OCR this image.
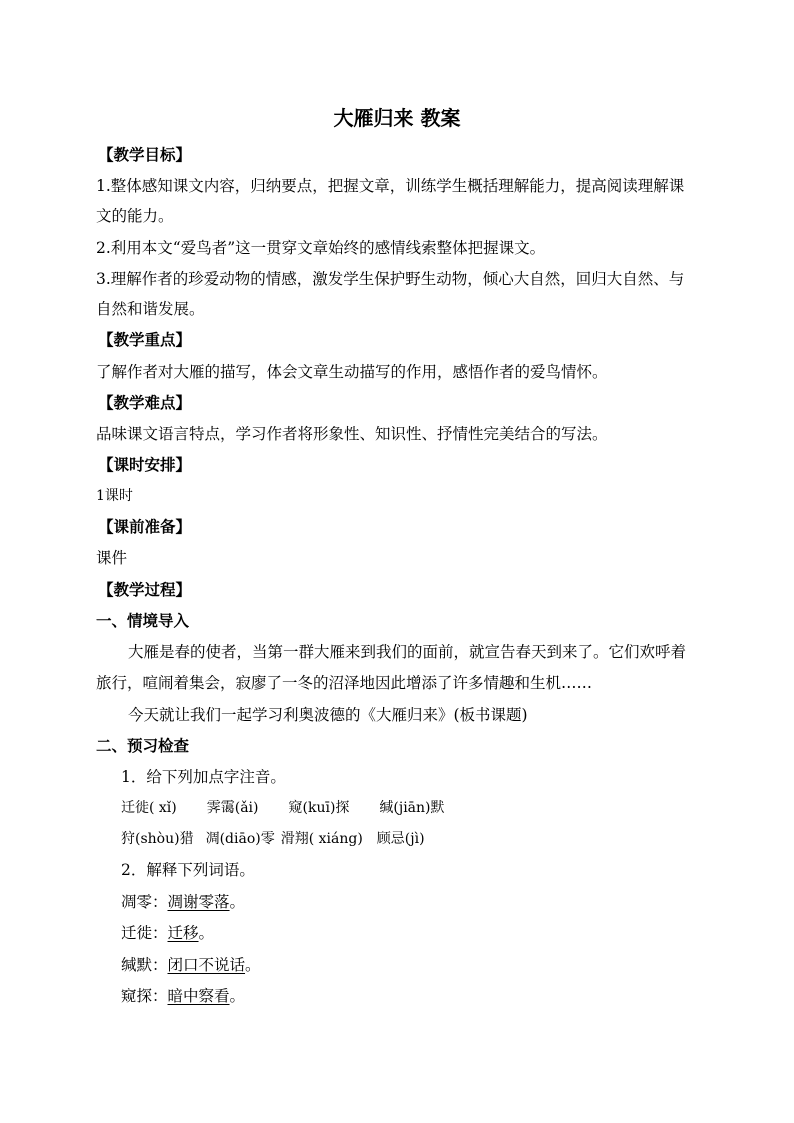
大雁归来 教案
【教学目标】
1.整体感知课文内容，归纳要点，把握文章，训练学生概括理解能力，提高阅读理解课
文的能力。
2.利用本文“爱鸟者”这一贯穿文章始终的感情线索整体把握课文。
3.理解作者的珍爱动物的情感，激发学生保护野生动物，倾心大自然，回归大自然、与
自然和谐发展。
【教学重点】
了解作者对大雁的描写，体会文章生动描写的作用，感悟作者的爱鸟情怀。
【教学难点】
品味课文语言特点，学习作者将形象性、知识性、抒情性完美结合的写法。
【课时安排】
1课时
【课前准备】
课件
【教学过程】
一、情境导入
大雁是春的使者，当第一群大雁来到我们的面前，就宣告春天到来了。它们欢呼着
旅行，喧闹着集会，寂廖了一冬的沼泽地因此增添了许多情趣和生机……
今天就让我们一起学习利奥波德的《大雁归来》(板书课题)
二、预习检查
1．给下列加点字注音。
迁徙( xǐ) 霁霭(ǎi) 窥(kuī)探 缄(jiān)默
狩(shòu)猎 凋(diāo)零 滑翔( xiáng) 顾忌(jì)
2．解释下列词语。
凋零：凋谢零落。
迁徙：迁移。
缄默：闭口不说话。
窥探：暗中察看。
